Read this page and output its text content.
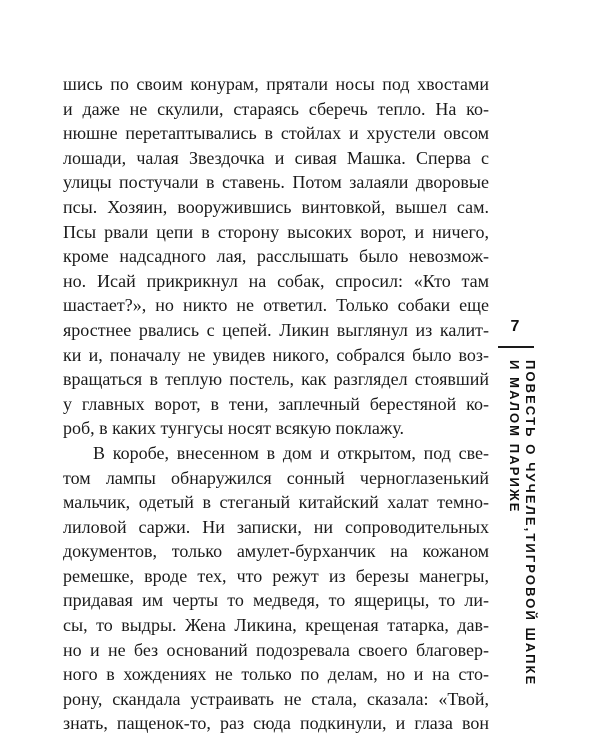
шись по своим конурам, прятали носы под хвостами
и даже не скулили, стараясь сберечь тепло. На ко-
нюшне перетаптывались в стойлах и хрустели овсом
лошади, чалая Звездочка и сивая Машка. Сперва с
улицы постучали в ставень. Потом залаяли дворовые
псы. Хозяин, вооружившись винтовкой, вышел сам.
Псы рвали цепи в сторону высоких ворот, и ничего,
кроме надсадного лая, расслышать было невозмож-
но. Исай прикрикнул на собак, спросил: «Кто там
шастает?», но никто не ответил. Только собаки еще
яростнее рвались с цепей. Ликин выглянул из калит-
ки и, поначалу не увидев никого, собрался было воз-
вращаться в теплую постель, как разглядел стоявший
у главных ворот, в тени, заплечный берестяной ко-
роб, в каких тунгусы носят всякую поклажу.
В коробе, внесенном в дом и открытом, под све-
том лампы обнаружился сонный черноглазенький
мальчик, одетый в стеганый китайский халат темно-
лиловой саржи. Ни записки, ни сопроводительных
документов, только амулет-бурханчик на кожаном
ремешке, вроде тех, что режут из березы манегры,
придавая им черты то медведя, то ящерицы, то ли-
сы, то выдры. Жена Ликина, крещеная татарка, дав-
но и не без оснований подозревала своего благовер-
ного в хождениях не только по делам, но и на сто-
рону, скандала устраивать не стала, сказала: «Твой,
знать, пащенок-то, раз сюда подкинули, и глаза вон
7
ПОВЕСТЬ О ЧУЧЕЛЕ,ТИГРОВОЙ ШАПКЕ
И МАЛОМ ПАРИЖЕ
